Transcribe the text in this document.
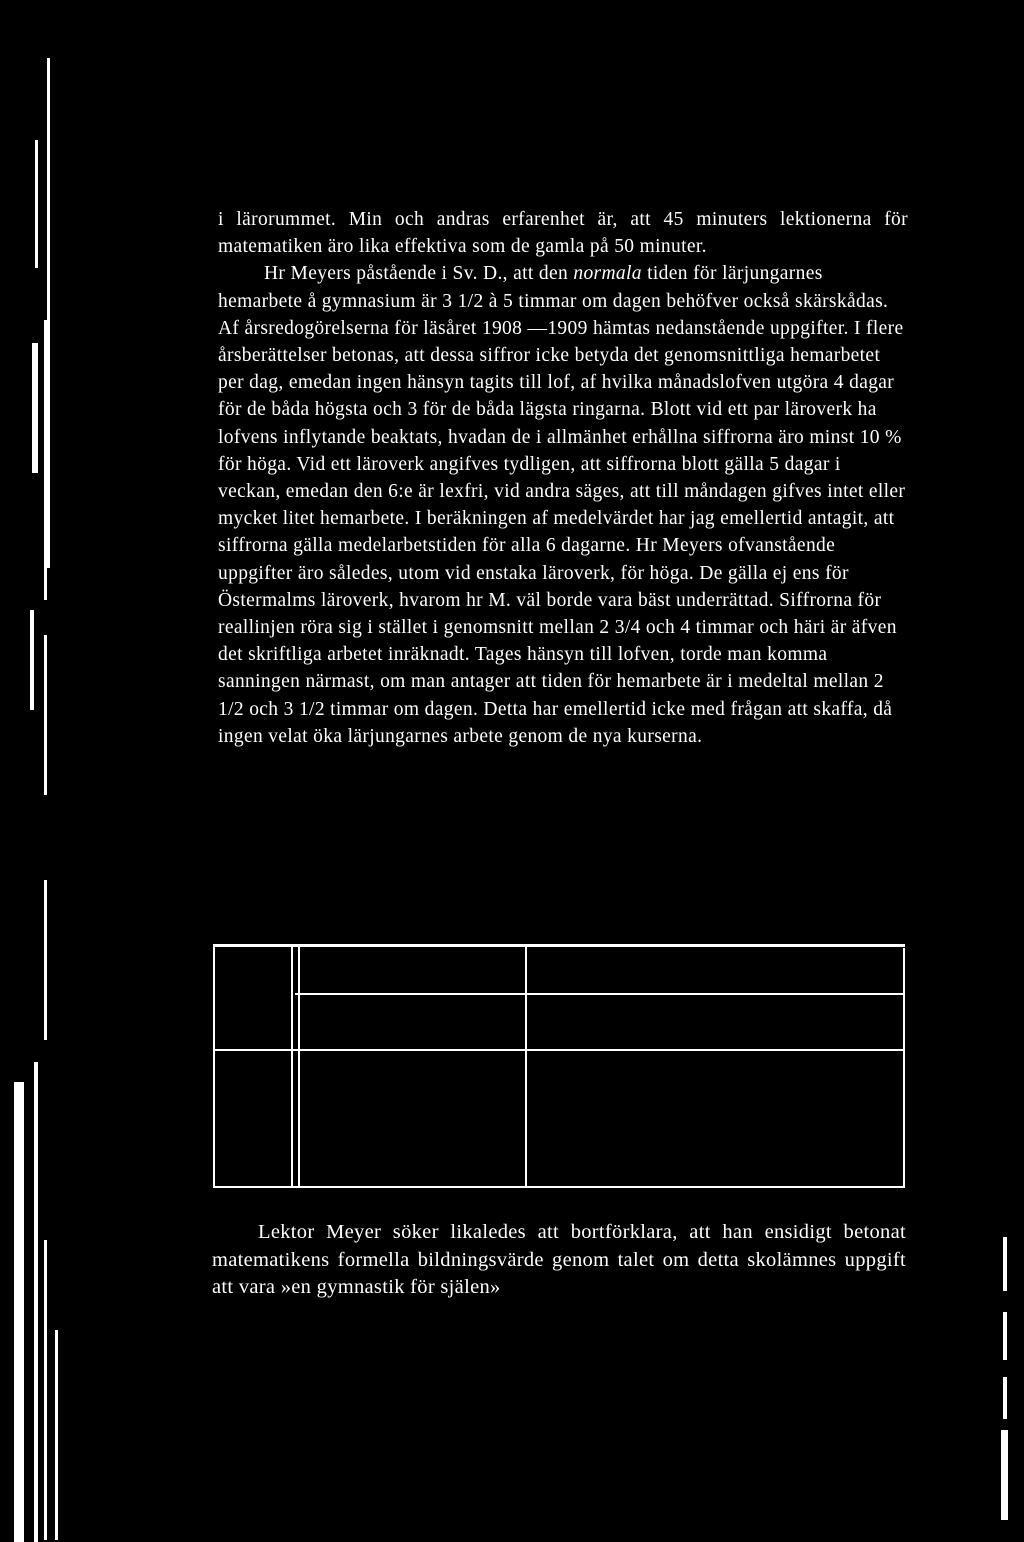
i lärorummet. Min och andras erfarenhet är, att 45 minuters lektionerna för matematiken äro lika effektiva som de gamla på 50 minuter.

Hr Meyers påstående i Sv. D., att den normala tiden för lärjungarnes hemarbete å gymnasium är 3 1/2 à 5 timmar om dagen behöfver också skärskådas. Af årsredogörelserna för läsåret 1908 —1909 hämtas nedanstående uppgifter. I flere årsberättelser betonas, att dessa siffror icke betyda det genomsnittliga hemarbetet per dag, emedan ingen hänsyn tagits till lof, af hvilka månadslofven utgöra 4 dagar för de båda högsta och 3 för de båda lägsta ringarna. Blott vid ett par läroverk ha lofvens inflytande beaktats, hvadan de i allmänhet erhållna siffrorna äro minst 10 % för höga. Vid ett läroverk angifves tydligen, att siffrorna blott gälla 5 dagar i veckan, emedan den 6:e är lexfri, vid andra säges, att till måndagen gifves intet eller mycket litet hemarbete. I beräkningen af medelvärdet har jag emellertid antagit, att siffrorna gälla medelarbetstiden för alla 6 dagarne. Hr Meyers ofvanstående uppgifter äro således, utom vid enstaka läroverk, för höga. De gälla ej ens för Östermalms läroverk, hvarom hr M. väl borde vara bäst underrättad. Siffrorna för reallinjen röra sig i stället i genomsnitt mellan 2 3/4 och 4 timmar och häri är äfven det skriftliga arbetet inräknadt. Tages hänsyn till lofven, torde man komma sanningen närmast, om man antager att tiden för hemarbete är i medeltal mellan 2 1/2 och 3 1/2 timmar om dagen. Detta har emellertid icke med frågan att skaffa, då ingen velat öka lärjungarnes arbete genom de nya kurserna.

Lektor Meyer söker likaledes att bortförklara, att han ensidigt betonat matematikens formella bildningsvärde genom talet om detta skolämnes uppgift att vara »en gymnastik för själen»
